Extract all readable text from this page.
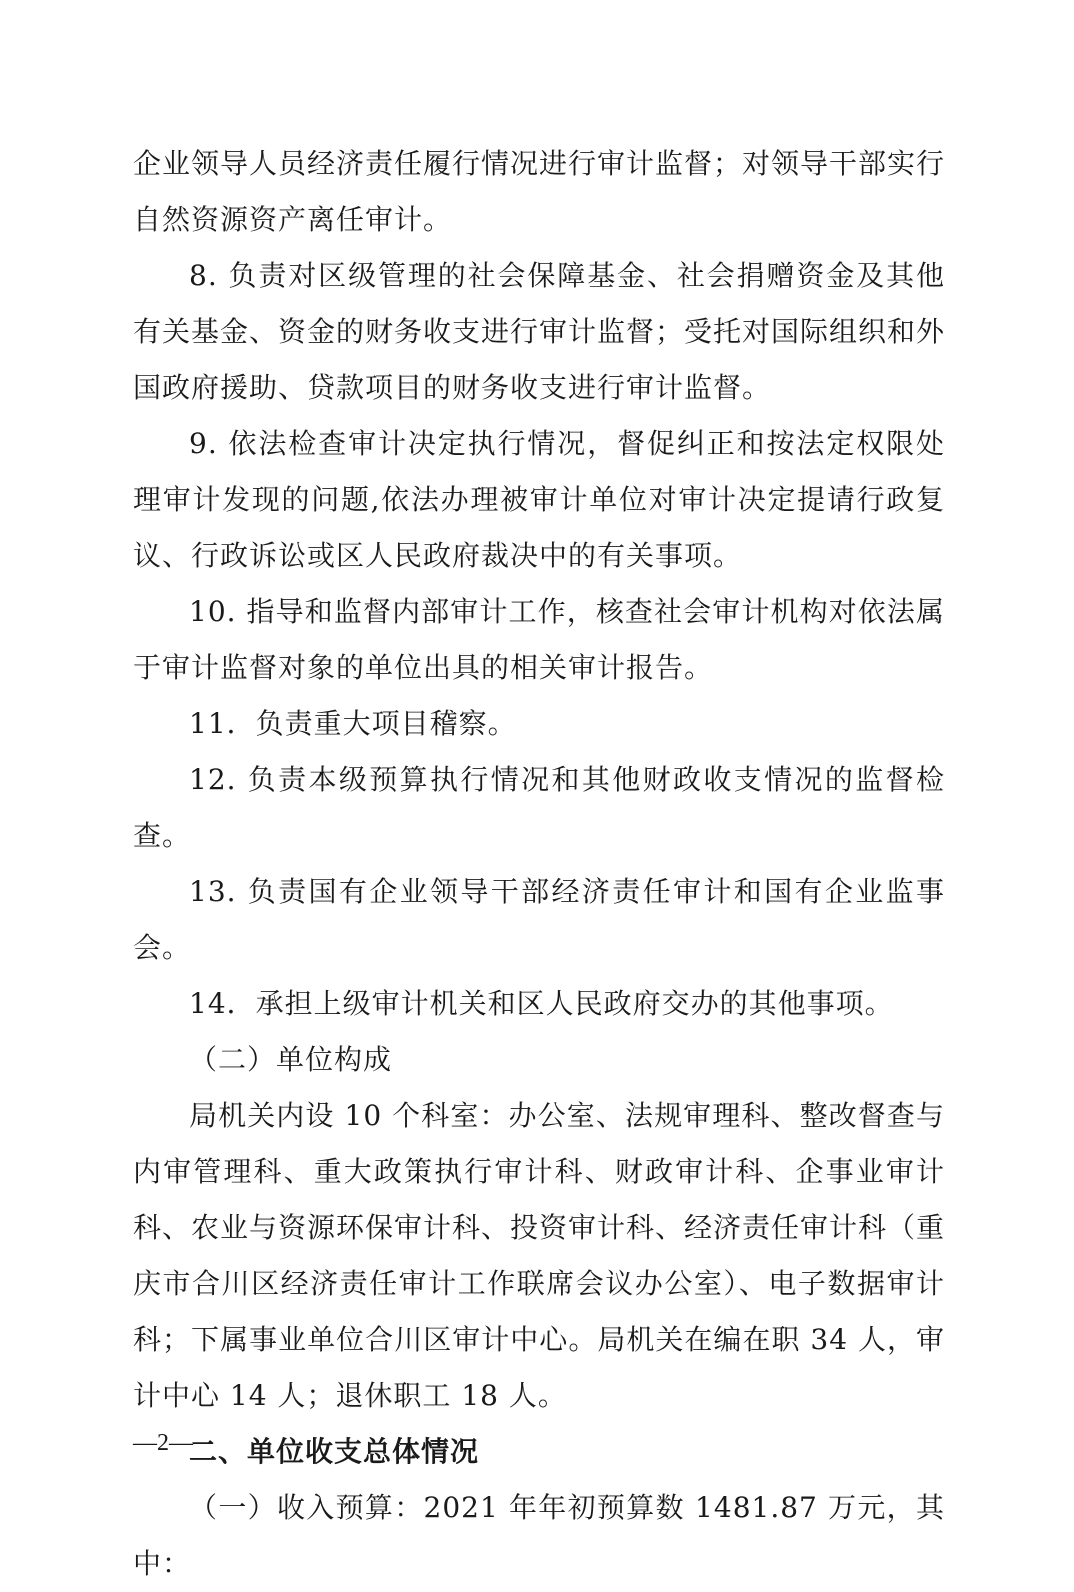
企业领导人员经济责任履行情况进行审计监督；对领导干部实行自然资源资产离任审计。

8. 负责对区级管理的社会保障基金、社会捐赠资金及其他有关基金、资金的财务收支进行审计监督；受托对国际组织和外国政府援助、贷款项目的财务收支进行审计监督。

9. 依法检查审计决定执行情况，督促纠正和按法定权限处理审计发现的问题,依法办理被审计单位对审计决定提请行政复议、行政诉讼或区人民政府裁决中的有关事项。

10. 指导和监督内部审计工作，核查社会审计机构对依法属于审计监督对象的单位出具的相关审计报告。

11．负责重大项目稽察。

12. 负责本级预算执行情况和其他财政收支情况的监督检查。

13. 负责国有企业领导干部经济责任审计和国有企业监事会。

14．承担上级审计机关和区人民政府交办的其他事项。

（二）单位构成

局机关内设 10 个科室：办公室、法规审理科、整改督查与内审管理科、重大政策执行审计科、财政审计科、企事业审计科、农业与资源环保审计科、投资审计科、经济责任审计科（重庆市合川区经济责任审计工作联席会议办公室）、电子数据审计科；下属事业单位合川区审计中心。局机关在编在职 34 人，审计中心 14 人；退休职工 18 人。

二、单位收支总体情况

（一）收入预算：2021 年年初预算数 1481.87 万元，其中：

—2—
